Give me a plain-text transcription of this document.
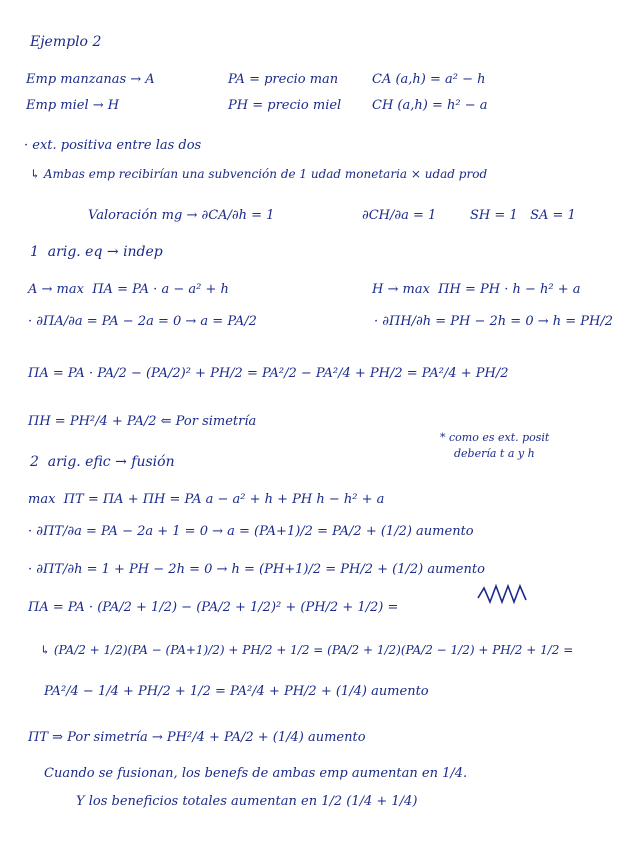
Ejemplo 2
Emp manzanas → A	PA = precio man	CA (a,h) = a² − h
Emp miel → H	PH = precio miel	CH (a,h) = h² − a
· ext. positiva entre las dos
↳ Ambas emp recibirían una subvención de 1 udad monetaria × udad prod
Valoración mg → ∂CA/∂h = 1	∂CH/∂a = 1	SH = 1   SA = 1
1  arig. eq → indep
A → max  ΠA = PA · a − a² + h	H → max  ΠH = PH · h − h² + a
· ∂ΠA/∂a = PA − 2a = 0 → a = PA/2	· ∂ΠH/∂h = PH − 2h = 0 → h = PH/2
ΠA = PA · PA/2 − (PA/2)² + PH/2 = PA²/2 − PA²/4 + PH/2 = PA²/4 + PH/2
ΠH = PH²/4 + PA/2 ⇐ Por simetría
* como es ext. posit
debería t a y h
2  arig. efic → fusión
max  ΠT = ΠA + ΠH = PA a − a² + h + PH h − h² + a
· ∂ΠT/∂a = PA − 2a + 1 = 0 → a = (PA+1)/2 = PA/2 + (1/2) aumento
· ∂ΠT/∂h = 1 + PH − 2h = 0 → h = (PH+1)/2 = PH/2 + (1/2) aumento
ΠA = PA · (PA/2 + 1/2) − (PA/2 + 1/2)² + (PH/2 + 1/2) =
↳ (PA/2 + 1/2)(PA − (PA+1)/2) + PH/2 + 1/2 = (PA/2 + 1/2)(PA/2 − 1/2) + PH/2 + 1/2 =
PA²/4 − 1/4 + PH/2 + 1/2 = PA²/4 + PH/2 + (1/4) aumento
ΠT ⇒ Por simetría → PH²/4 + PA/2 + (1/4) aumento
Cuando se fusionan, los benefs de ambas emp aumentan en 1/4.
Y los beneficios totales aumentan en 1/2 (1/4 + 1/4)
